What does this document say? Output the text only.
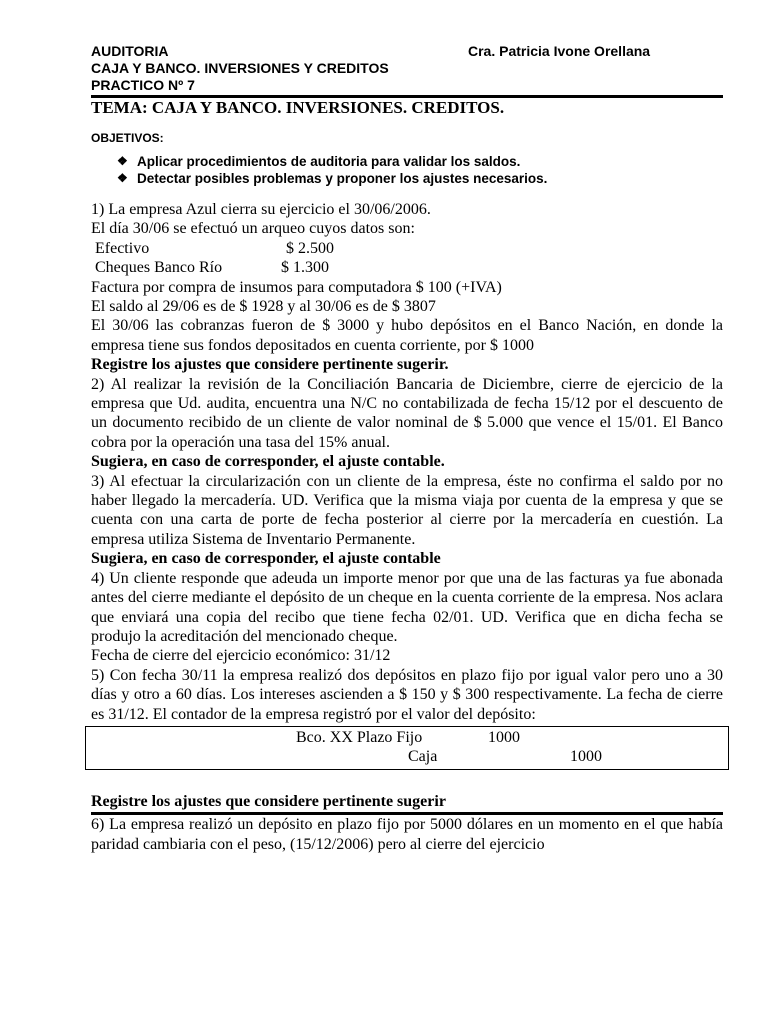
AUDITORIA	Cra. Patricia Ivone Orellana
CAJA Y BANCO. INVERSIONES Y CREDITOS
PRACTICO Nº 7
TEMA: CAJA Y BANCO. INVERSIONES. CREDITOS.
OBJETIVOS:
❖ Aplicar procedimientos de auditoria para validar los saldos.
❖ Detectar posibles problemas y proponer los ajustes necesarios.

1) La empresa Azul cierra su ejercicio el 30/06/2006.

El día 30/06 se efectuó un arqueo cuyos datos son:

Efectivo	$ 2.500
Cheques Banco Río	$ 1.300

Factura por compra de insumos para computadora $ 100 (+IVA)

El saldo al 29/06 es de $ 1928 y al 30/06 es de $ 3807

El 30/06 las cobranzas fueron de $ 3000 y hubo depósitos en el Banco Nación, en donde la empresa tiene sus fondos depositados en cuenta corriente, por $ 1000

Registre los ajustes que considere pertinente sugerir.

2) Al realizar la revisión de la Conciliación Bancaria de Diciembre, cierre de ejercicio de la empresa que Ud. audita, encuentra una N/C no contabilizada de fecha 15/12 por el descuento de un documento recibido de un cliente de valor nominal de $ 5.000 que vence el 15/01. El Banco cobra por la operación una tasa del 15% anual.

Sugiera, en caso de corresponder, el ajuste contable.

3) Al efectuar la circularización con un cliente de la empresa, éste no confirma el saldo por no haber llegado la mercadería. UD. Verifica que la misma viaja por cuenta de la empresa y que se cuenta con una carta de porte de fecha posterior al cierre por la mercadería en cuestión. La empresa utiliza Sistema de Inventario Permanente.

Sugiera, en caso de corresponder, el ajuste contable

4) Un cliente responde que adeuda un importe menor por que una de las facturas ya fue abonada antes del cierre mediante el depósito de un cheque en la cuenta corriente de la empresa. Nos aclara que enviará una copia del recibo que tiene fecha 02/01. UD. Verifica que en dicha fecha se produjo la acreditación del mencionado cheque.

Fecha de cierre del ejercicio económico: 31/12

5) Con fecha 30/11 la empresa realizó dos depósitos en plazo fijo por igual valor pero uno a 30 días y otro a 60 días. Los intereses ascienden a $ 150 y $ 300 respectivamente. La fecha de cierre es 31/12. El contador de la empresa registró por el valor del depósito:

Bco. XX Plazo Fijo	1000
Caja	1000

Registre los ajustes que considere pertinente sugerir

6) La empresa realizó un depósito en plazo fijo por 5000 dólares en un momento en el que había paridad cambiaria con el peso, (15/12/2006) pero al cierre del ejercicio
